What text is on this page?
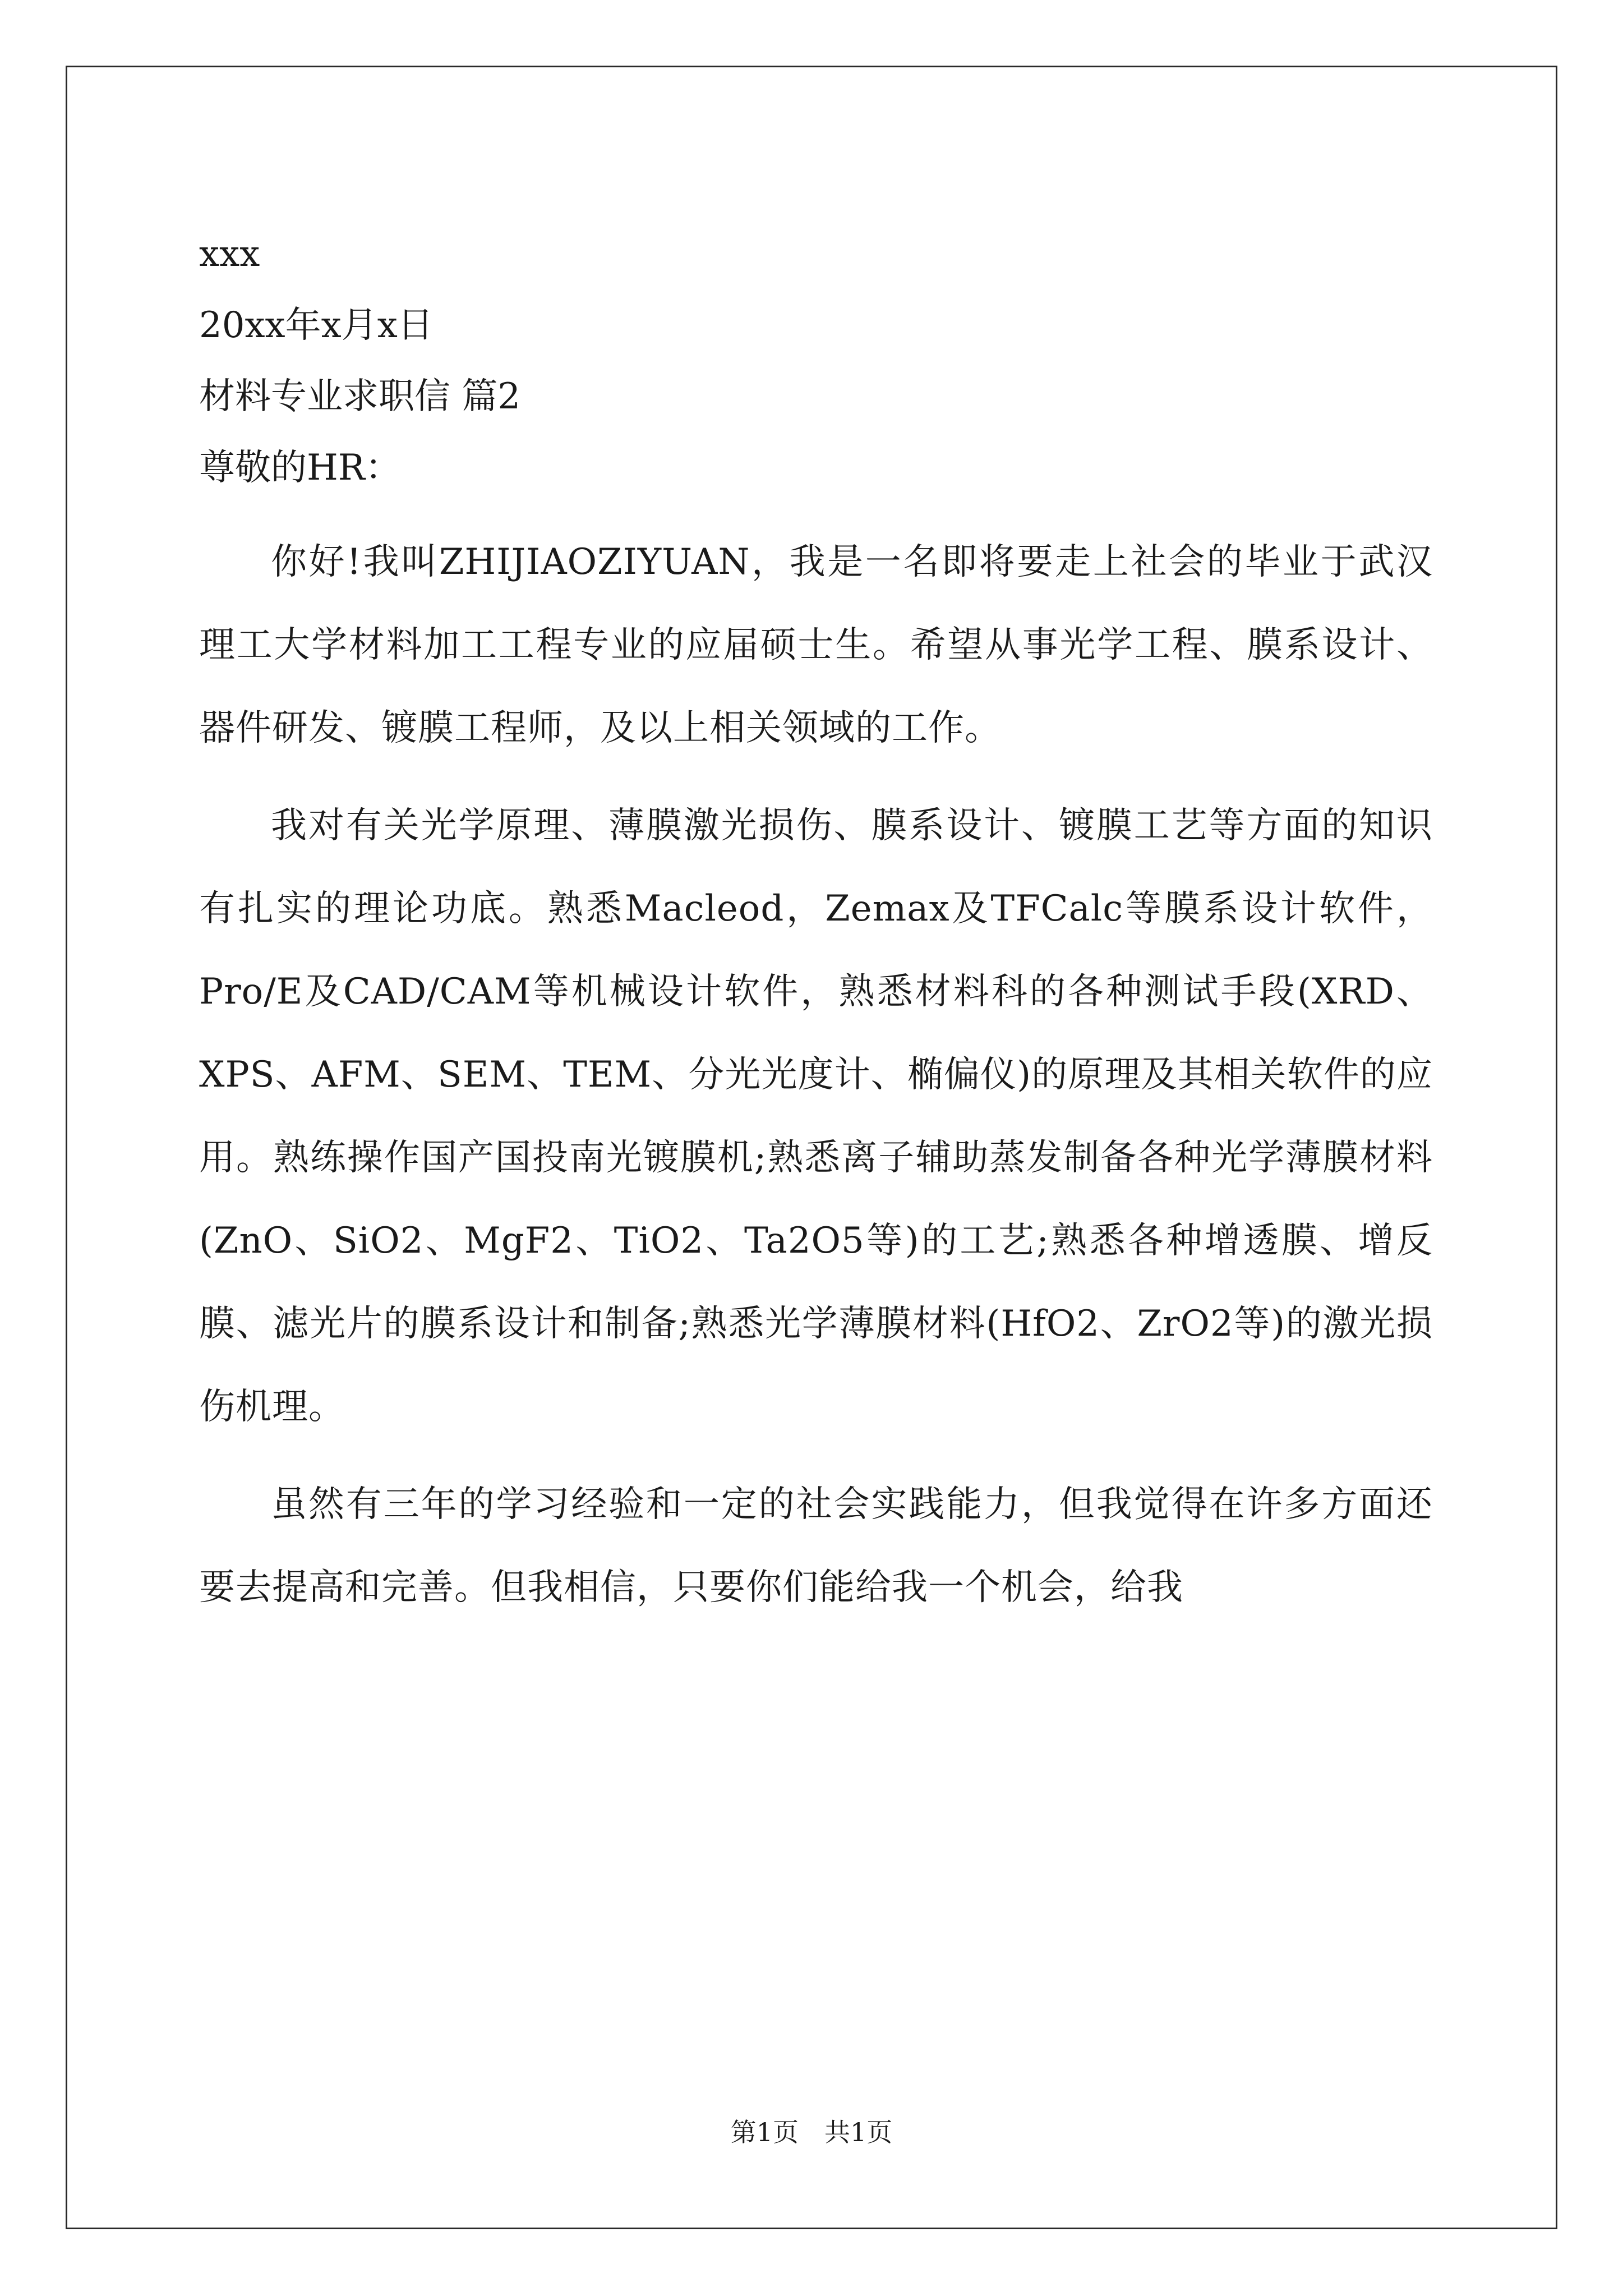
xxx

20xx年x月x日

材料专业求职信 篇2

尊敬的HR：

你好!我叫ZHIJIAOZIYUAN，我是一名即将要走上社会的毕业于武汉理工大学材料加工工程专业的应届硕士生。希望从事光学工程、膜系设计、器件研发、镀膜工程师，及以上相关领域的工作。

我对有关光学原理、薄膜激光损伤、膜系设计、镀膜工艺等方面的知识有扎实的理论功底。熟悉Macleod，Zemax及TFCalc等膜系设计软件，Pro/E及CAD/CAM等机械设计软件，熟悉材料科的各种测试手段(XRD、XPS、AFM、SEM、TEM、分光光度计、椭偏仪)的原理及其相关软件的应用。熟练操作国产国投南光镀膜机;熟悉离子辅助蒸发制备各种光学薄膜材料(ZnO、SiO2、MgF2、TiO2、Ta2O5等)的工艺;熟悉各种增透膜、增反膜、滤光片的膜系设计和制备;熟悉光学薄膜材料(HfO2、ZrO2等)的激光损伤机理。

虽然有三年的学习经验和一定的社会实践能力，但我觉得在许多方面还要去提高和完善。但我相信，只要你们能给我一个机会，给我

第1页　共1页
